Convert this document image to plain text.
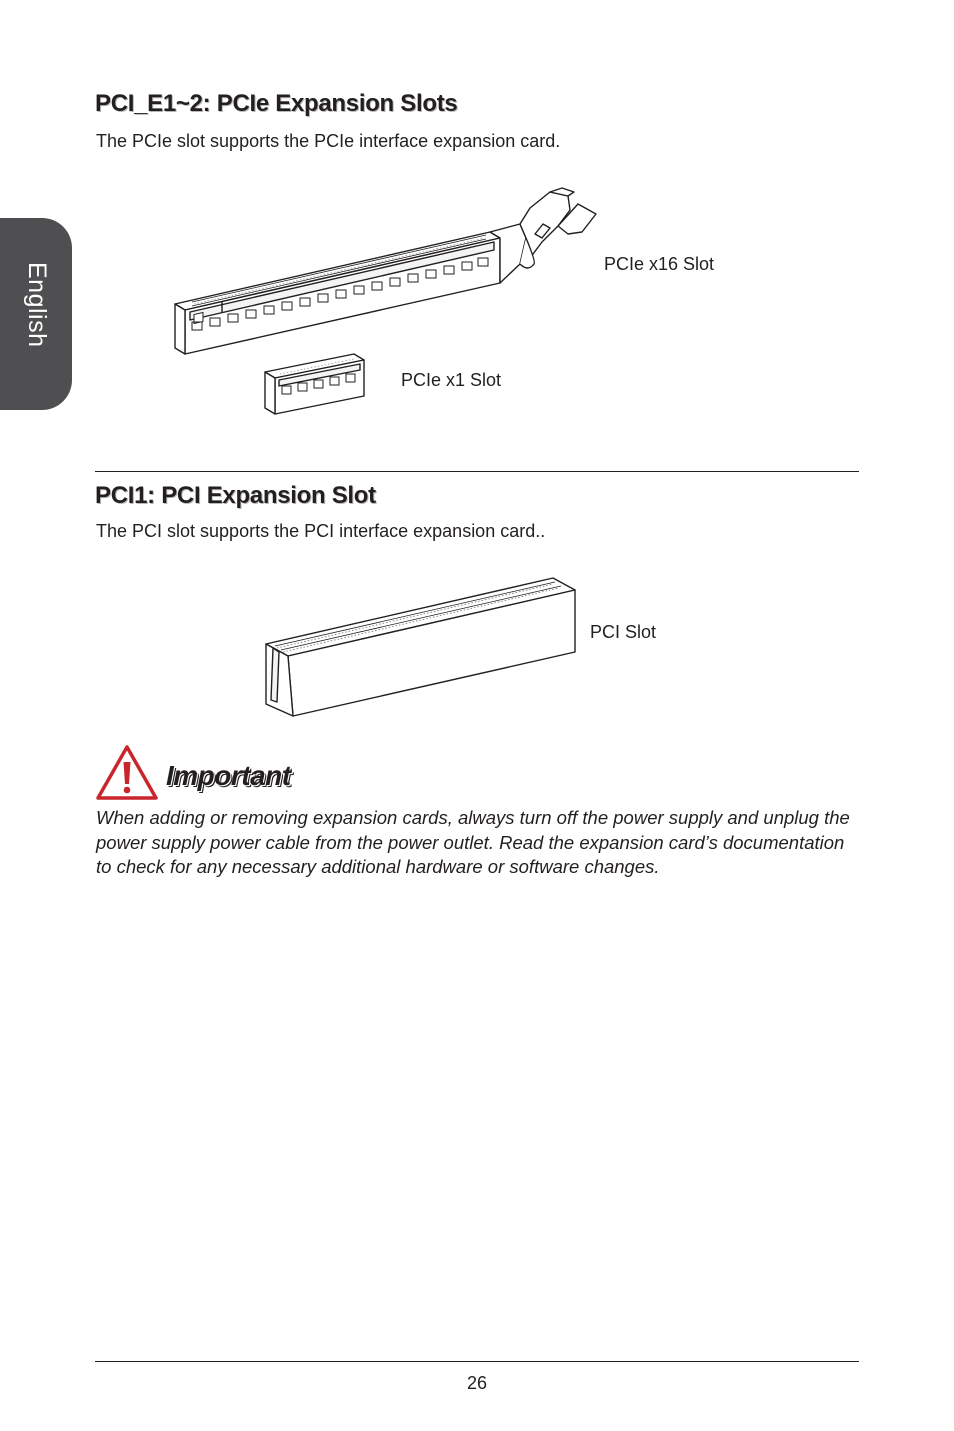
English
PCI_E1~2: PCIe Expansion Slots

The PCIe slot supports the PCIe interface expansion card.

PCIe x16 Slot
PCIe x1 Slot
PCI1: PCI Expansion Slot

The PCI slot supports the PCI interface expansion card..

PCI Slot
Important

When adding or removing expansion cards, always turn off the power supply and unplug the power supply power cable from the power outlet. Read the expansion card’s documentation to check for any necessary additional hardware or software changes.

26
